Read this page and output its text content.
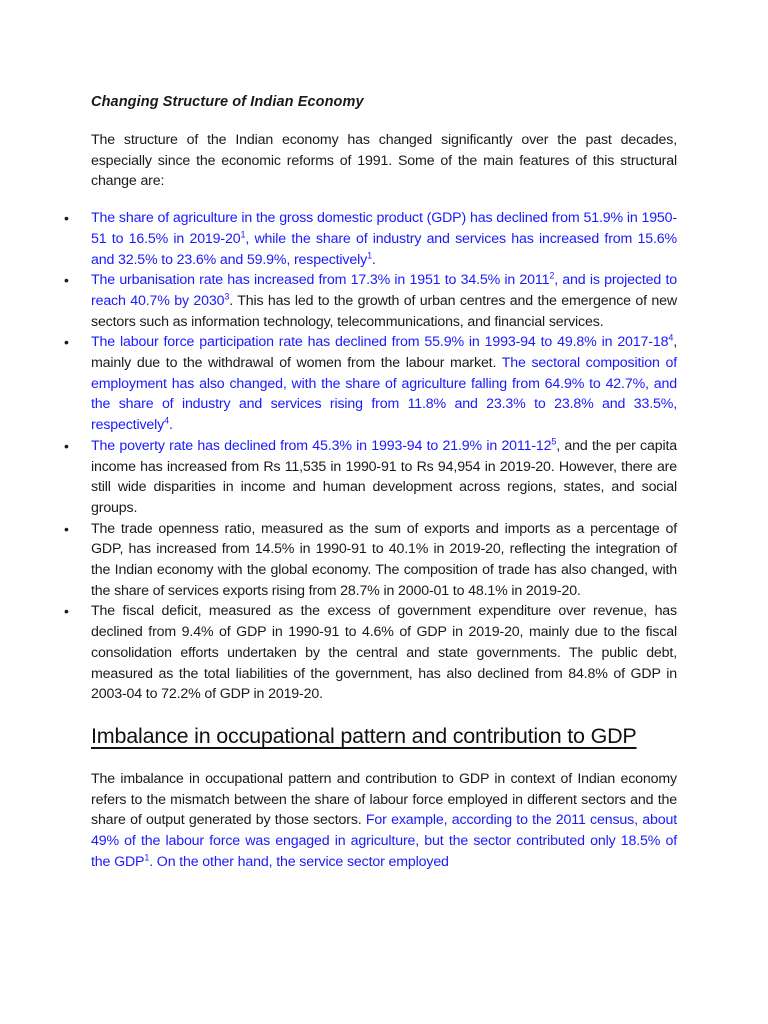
Changing Structure of Indian Economy

The structure of the Indian economy has changed significantly over the past decades, especially since the economic reforms of 1991. Some of the main features of this structural change are:

• The share of agriculture in the gross domestic product (GDP) has declined from 51.9% in 1950-51 to 16.5% in $2019-20^1$, while the share of industry and services has increased from 15.6% and 32.5% to 23.6% and 59.9%, respectively$^1$.
• The urbanisation rate has increased from 17.3% in 1951 to 34.5% in 2011$^2$, and is projected to reach 40.7% by 2030$^3$. This has led to the growth of urban centres and the emergence of new sectors such as information technology, telecommunications, and financial services.
• The labour force participation rate has declined from 55.9% in 1993-94 to 49.8% in $2017-18^4$, mainly due to the withdrawal of women from the labour market. The sectoral composition of employment has also changed, with the share of agriculture falling from 64.9% to 42.7%, and the share of industry and services rising from 11.8% and 23.3% to 23.8% and 33.5%, respectively$^4$.
• The poverty rate has declined from 45.3% in 1993-94 to 21.9% in $2011-12^5$, and the per capita income has increased from Rs 11,535 in 1990-91 to Rs 94,954 in 2019-20. However, there are still wide disparities in income and human development across regions, states, and social groups.
• The trade openness ratio, measured as the sum of exports and imports as a percentage of GDP, has increased from 14.5% in 1990-91 to 40.1% in 2019-20, reflecting the integration of the Indian economy with the global economy. The composition of trade has also changed, with the share of services exports rising from 28.7% in 2000-01 to 48.1% in 2019-20.
• The fiscal deficit, measured as the excess of government expenditure over revenue, has declined from 9.4% of GDP in 1990-91 to 4.6% of GDP in 2019-20, mainly due to the fiscal consolidation efforts undertaken by the central and state governments. The public debt, measured as the total liabilities of the government, has also declined from 84.8% of GDP in 2003-04 to 72.2% of GDP in 2019-20.
Imbalance in occupational pattern and contribution to GDP

The imbalance in occupational pattern and contribution to GDP in context of Indian economy refers to the mismatch between the share of labour force employed in different sectors and the share of output generated by those sectors. For example, according to the 2011 census, about 49% of the labour force was engaged in agriculture, but the sector contributed only 18.5% of the GDP$^1$. On the other hand, the service sector employed
